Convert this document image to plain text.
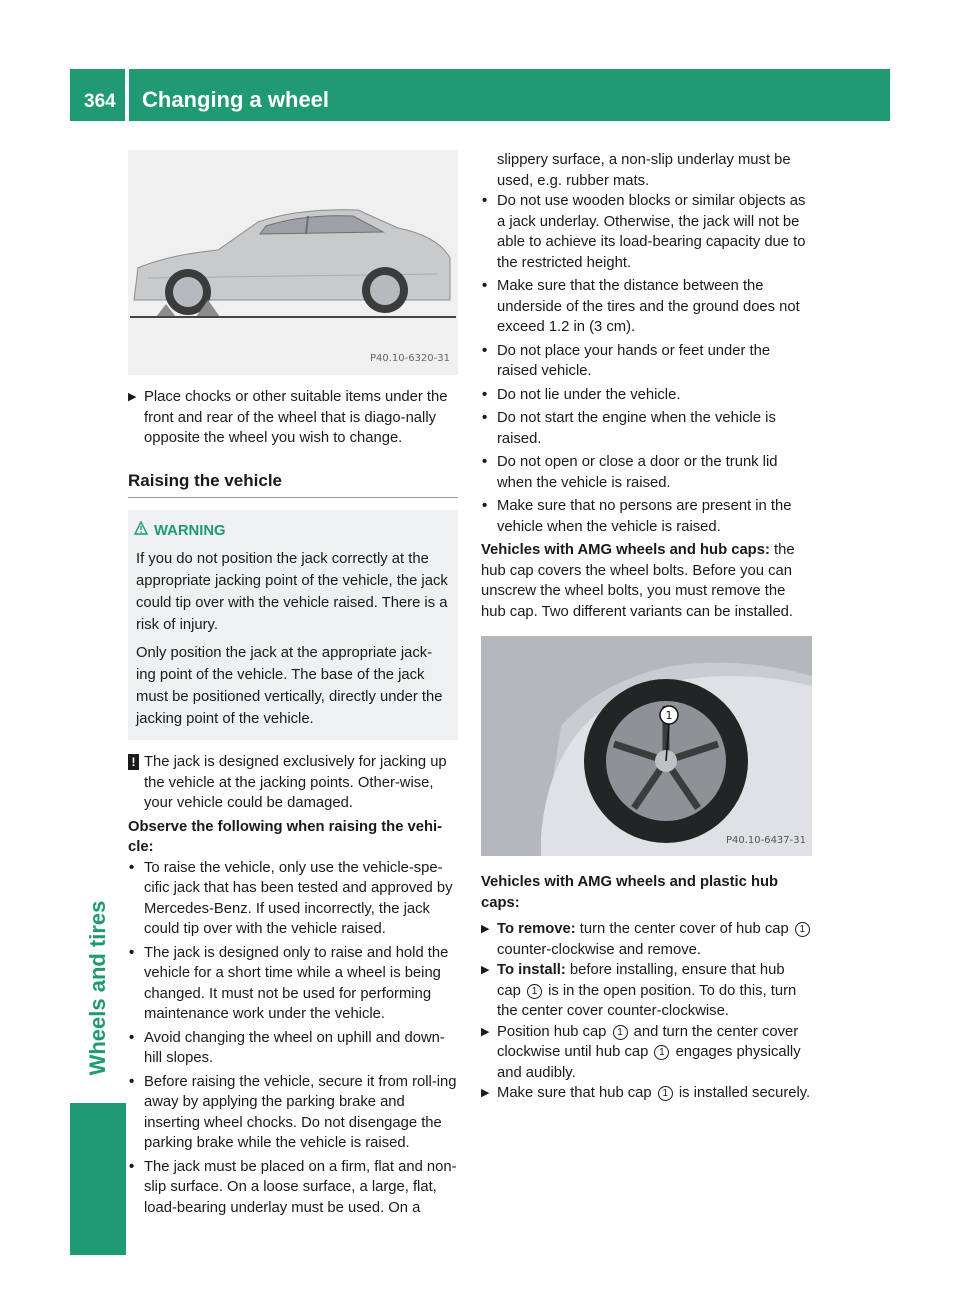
364 Changing a wheel
Wheels and tires
P40.10-6320-31

▶ Place chocks or other suitable items under the front and rear of the wheel that is diago-nally opposite the wheel you wish to change.

Raising the vehicle
WARNING

If you do not position the jack correctly at the appropriate jacking point of the vehicle, the jack could tip over with the vehicle raised. There is a risk of injury.

Only position the jack at the appropriate jack-ing point of the vehicle. The base of the jack must be positioned vertically, directly under the jacking point of the vehicle.

! The jack is designed exclusively for jacking up the vehicle at the jacking points. Other-wise, your vehicle could be damaged.
Observe the following when raising the vehi-cle:

• To raise the vehicle, only use the vehicle-spe-cific jack that has been tested and approved by Mercedes-Benz. If used incorrectly, the jack could tip over with the vehicle raised.

• The jack is designed only to raise and hold the vehicle for a short time while a wheel is being changed. It must not be used for performing maintenance work under the vehicle.

• Avoid changing the wheel on uphill and down-hill slopes.

• Before raising the vehicle, secure it from roll-ing away by applying the parking brake and inserting wheel chocks. Do not disengage the parking brake while the vehicle is raised.

• The jack must be placed on a firm, flat and non-slip surface. On a loose surface, a large, flat, load-bearing underlay must be used. On a

slippery surface, a non-slip underlay must be used, e.g. rubber mats.

• Do not use wooden blocks or similar objects as a jack underlay. Otherwise, the jack will not be able to achieve its load-bearing capacity due to the restricted height.

• Make sure that the distance between the underside of the tires and the ground does not exceed 1.2 in (3 cm).

• Do not place your hands or feet under the raised vehicle.

• Do not lie under the vehicle.

• Do not start the engine when the vehicle is raised.

• Do not open or close a door or the trunk lid when the vehicle is raised.

• Make sure that no persons are present in the vehicle when the vehicle is raised.

Vehicles with AMG wheels and hub caps: the hub cap covers the wheel bolts. Before you can unscrew the wheel bolts, you must remove the hub cap. Two different variants can be installed.

1
P40.10-6437-31
Vehicles with AMG wheels and plastic hub caps:

▶ To remove: turn the center cover of hub cap 1 counter-clockwise and remove.

▶ To install: before installing, ensure that hub cap 1 is in the open position. To do this, turn the center cover counter-clockwise.

▶ Position hub cap 1 and turn the center cover clockwise until hub cap 1 engages physically and audibly.

▶ Make sure that hub cap 1 is installed securely.
